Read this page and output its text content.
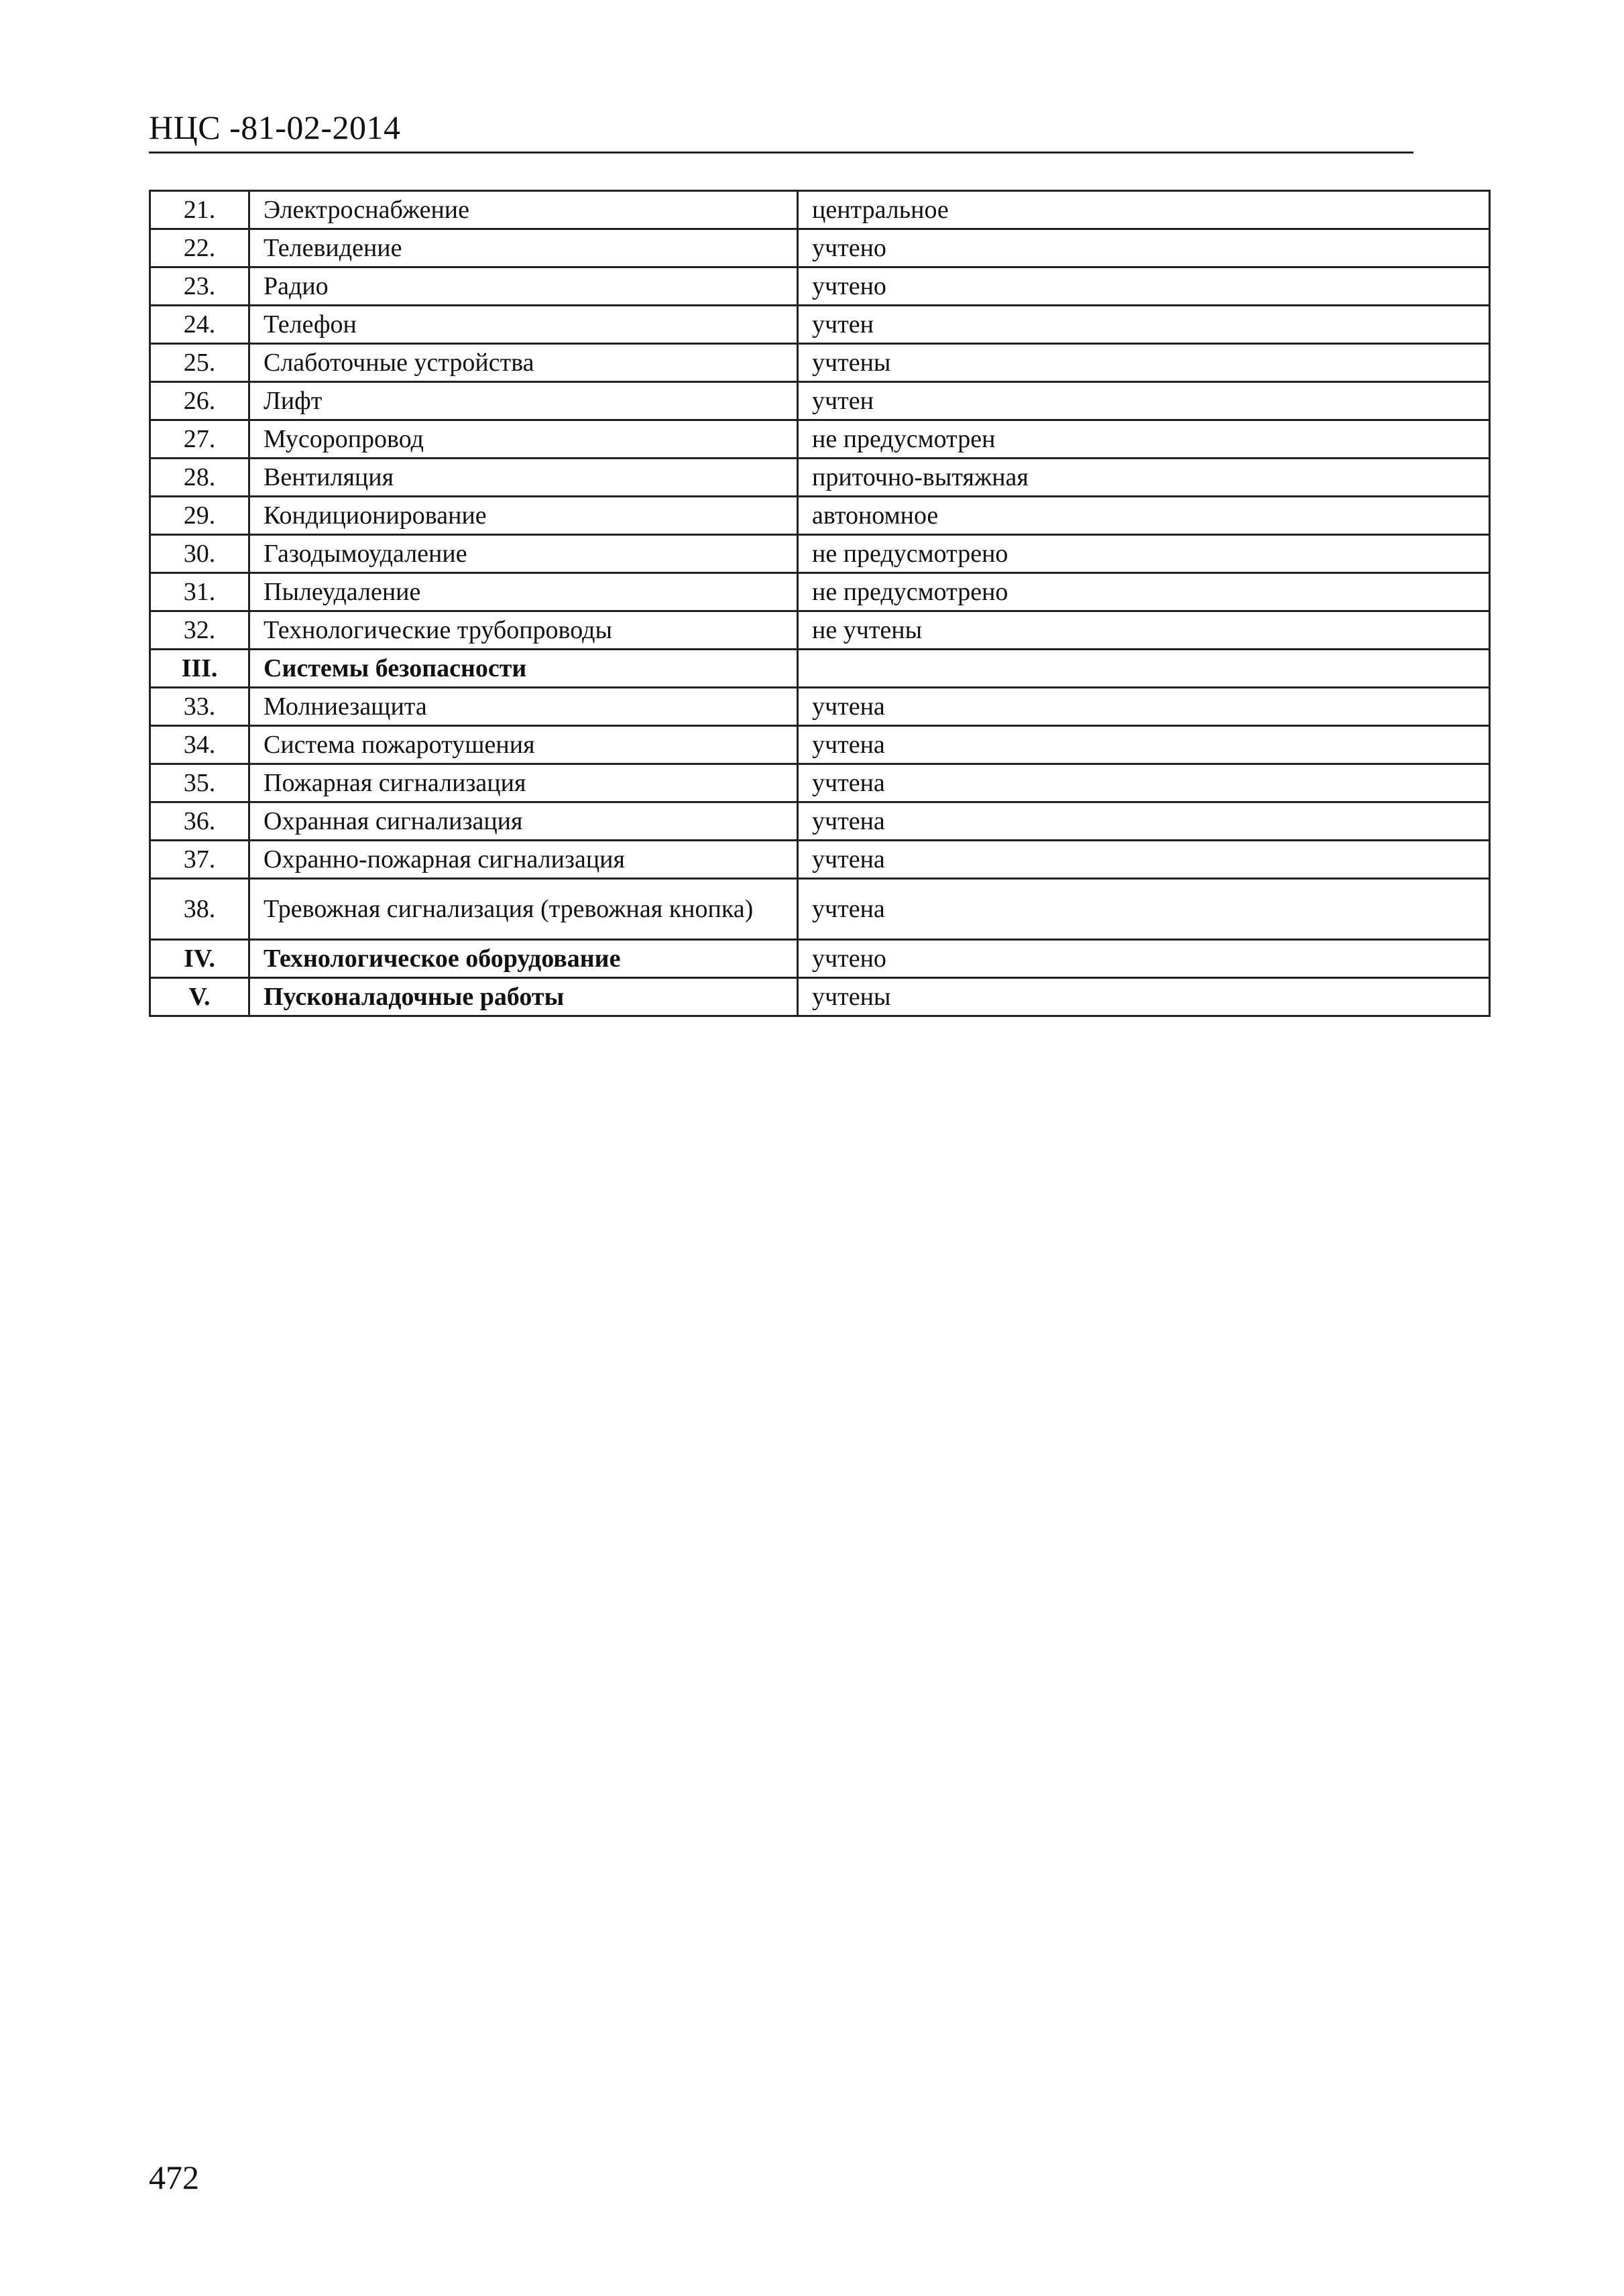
НЦС -81-02-2014
21.	Электроснабжение	центральное
22.	Телевидение	учтено
23.	Радио	учтено
24.	Телефон	учтен
25.	Слаботочные устройства	учтены
26.	Лифт	учтен
27.	Мусоропровод	не предусмотрен
28.	Вентиляция	приточно-вытяжная
29.	Кондиционирование	автономное
30.	Газодымоудаление	не предусмотрено
31.	Пылеудаление	не предусмотрено
32.	Технологические трубопроводы	не учтены
III.	Системы безопасности	
33.	Молниезащита	учтена
34.	Система пожаротушения	учтена
35.	Пожарная сигнализация	учтена
36.	Охранная сигнализация	учтена
37.	Охранно-пожарная сигнализация	учтена
38.	Тревожная сигнализация (тревожная кнопка)	учтена
IV.	Технологическое оборудование	учтено
V.	Пусконаладочные работы	учтены
472
